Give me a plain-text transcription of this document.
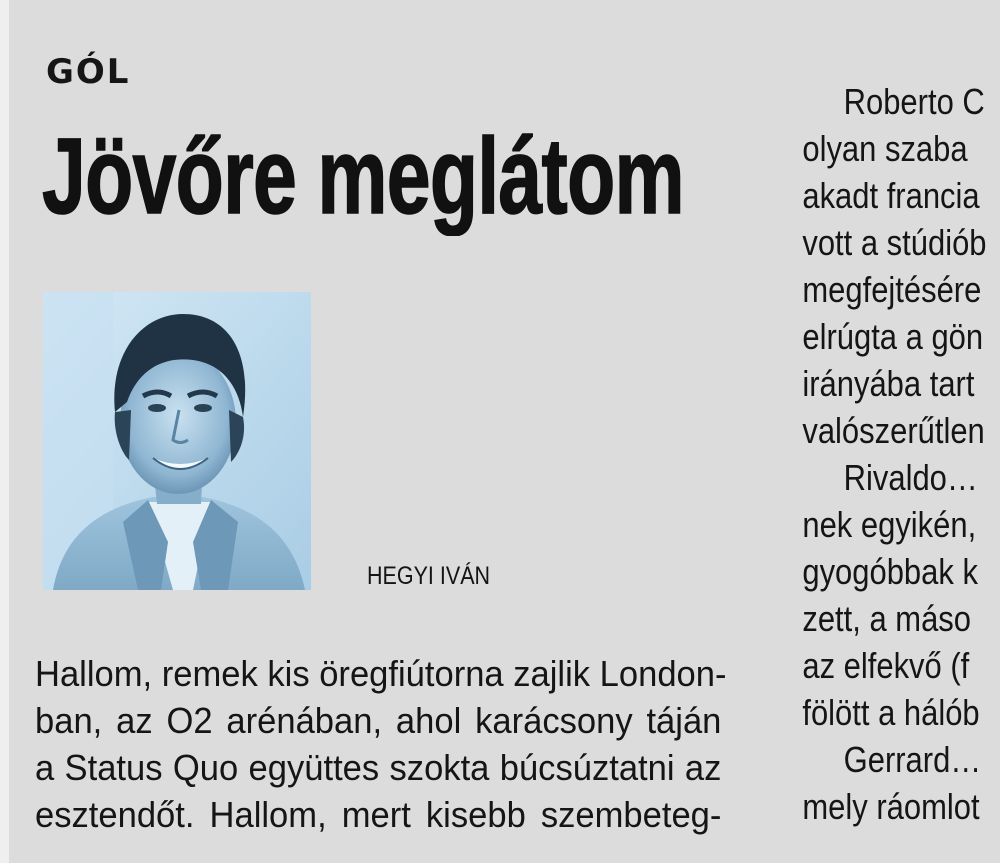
GÓL
Jövőre meglátom
HEGYI IVÁN
Hallom, remek kis öregfiútorna zajlik London-
ban, az O2 arénában, ahol karácsony táján
a Status Quo együttes szokta búcsúztatni az
esztendőt. Hallom, mert kisebb szembeteg-
Roberto C
olyan szaba
akadt francia
vott a stúdiób
megfejtésére
elrúgta a gön
irányába tart
valószerűtlen
Rivaldo…
nek egyikén,
gyogóbbak k
zett, a máso
az elfekvő (f
fölött a hálób
Gerrard…
mely ráomlot
